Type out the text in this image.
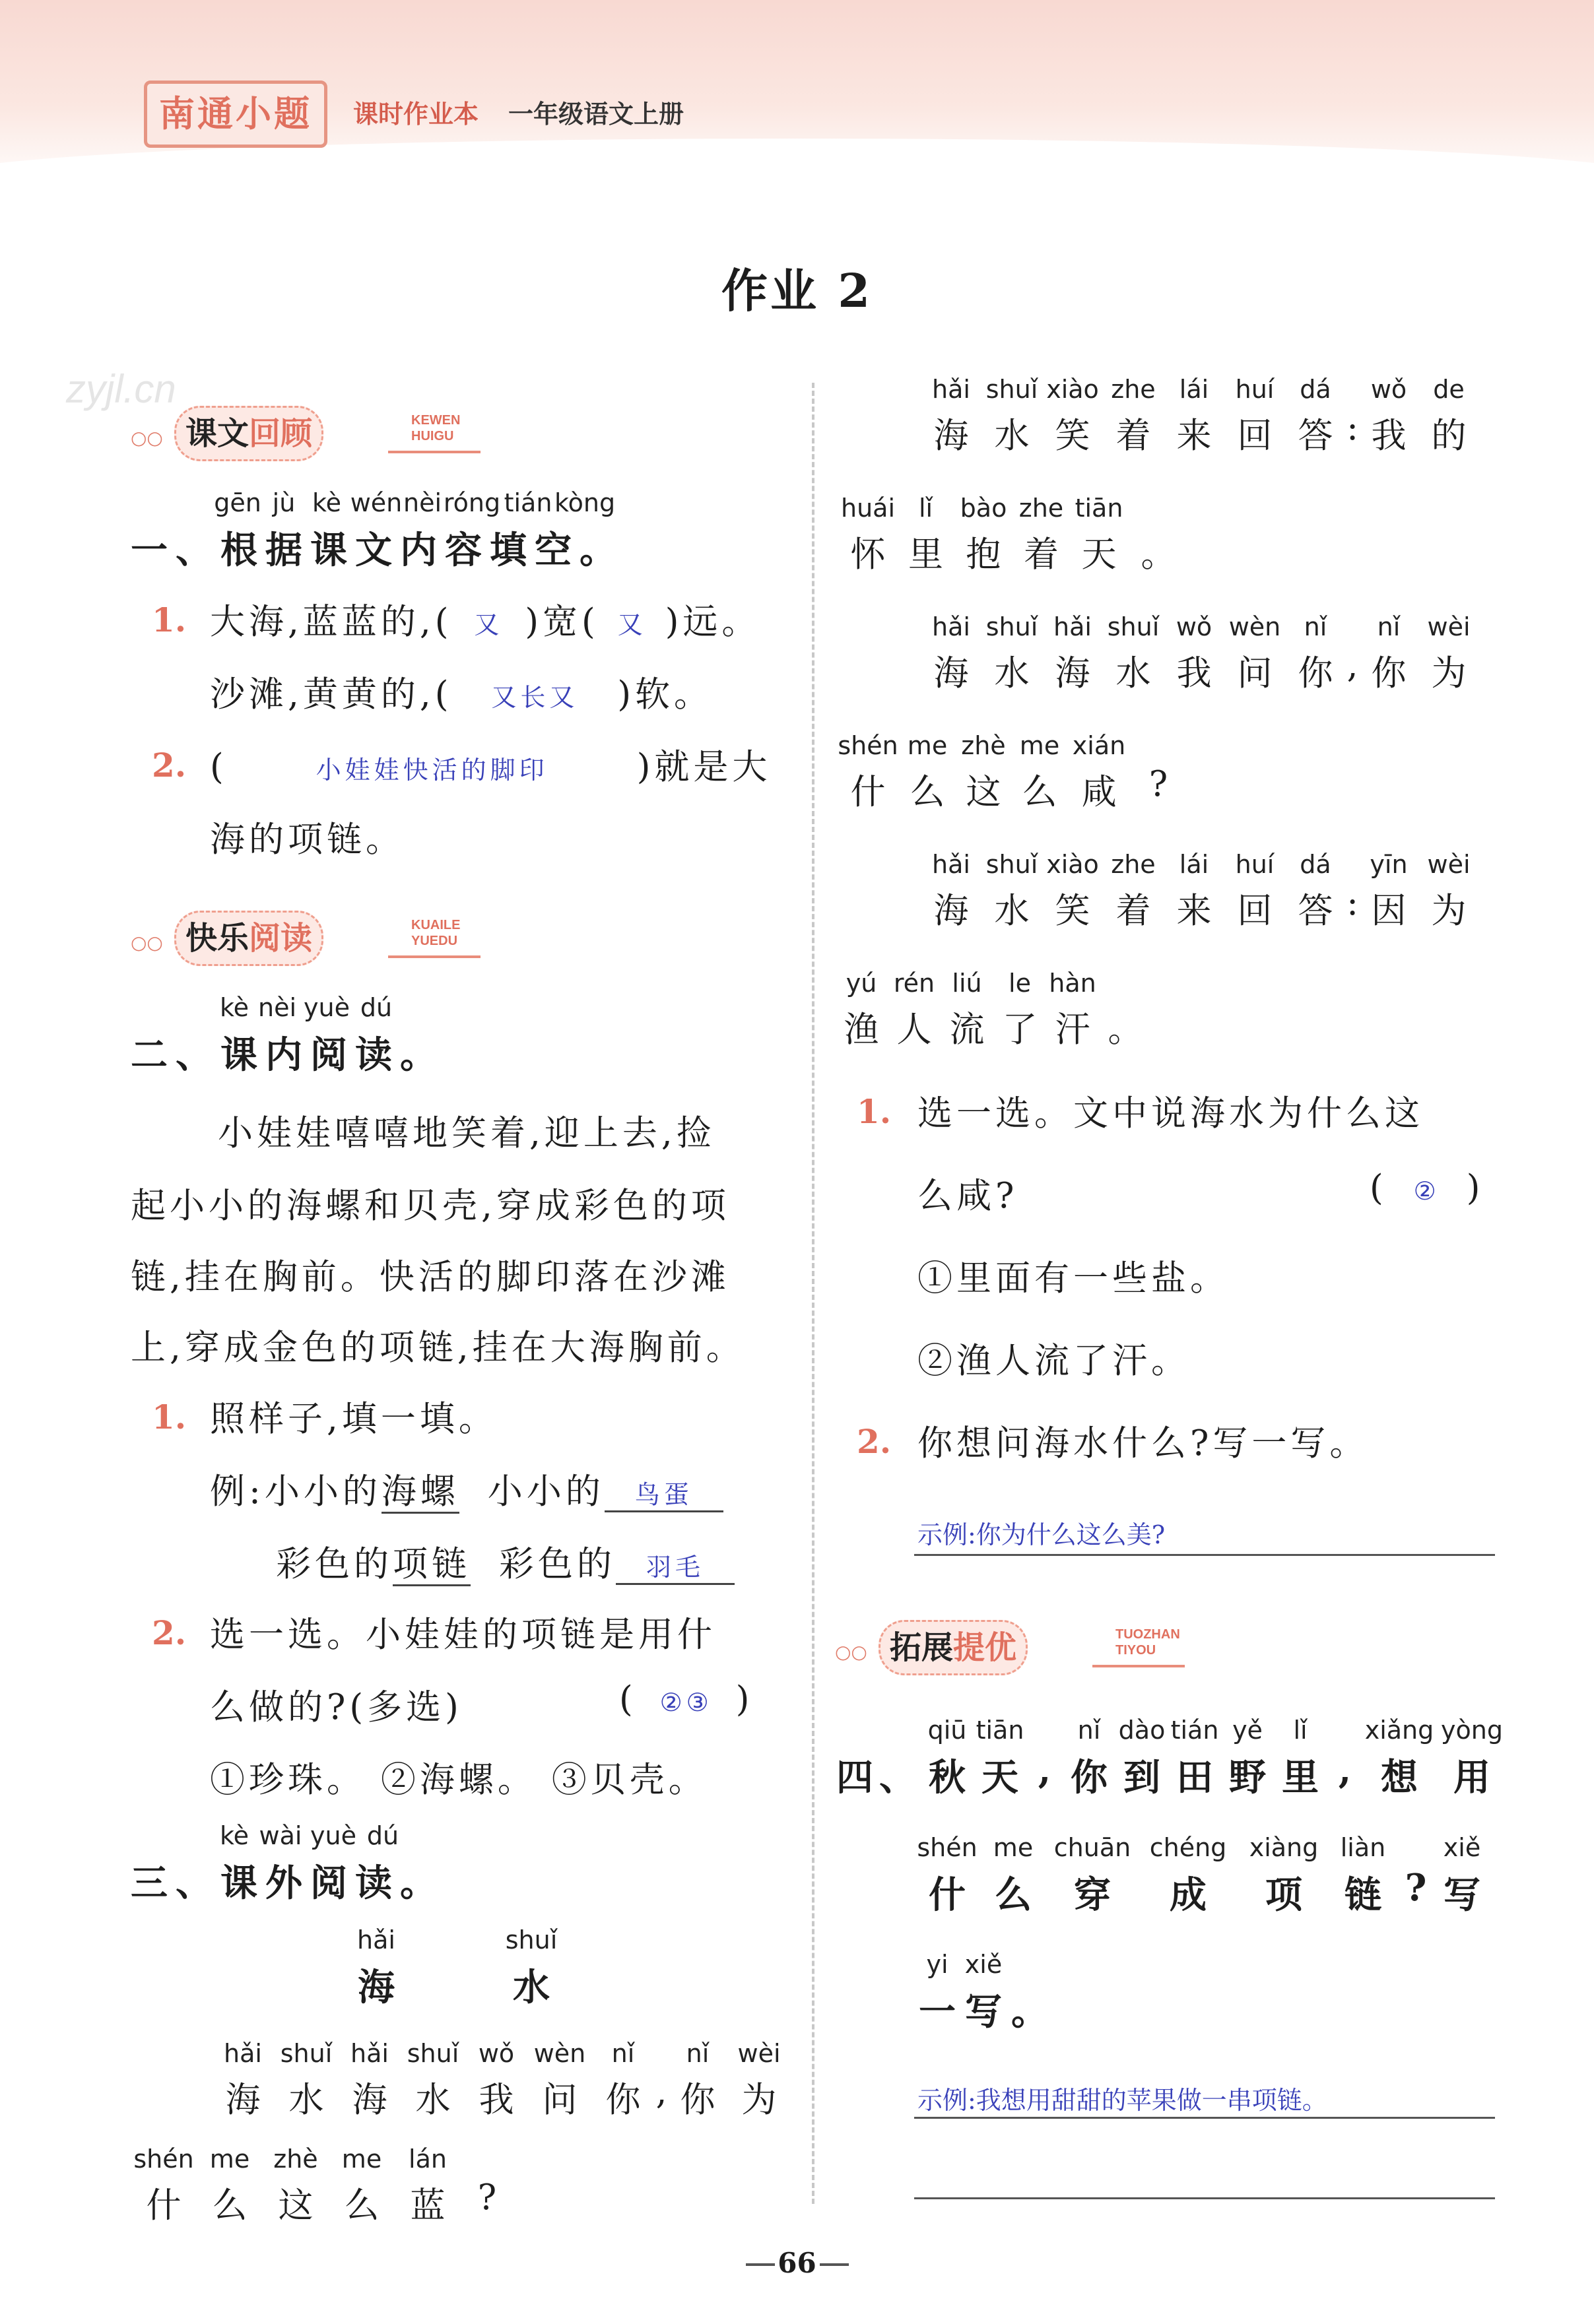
南通小题	课时作业本 一年级语文上册
作业 2
zyjl.cn
○○ 课文回顾	KEWEN
HUIGU
gēn jù kè wén nèi róng tián kòng
一 、 根 据 课 文 内 容 填 空 。
1. 大海,蓝蓝的,( 又 )宽( 又 )远。
沙滩,黄黄的,( 又长又 )软。
2. (	小娃娃快活的脚印	)就是大
海的项链。
○○ 快乐阅读	KUAILE
YUEDU
kè nèi yuè dú
二 、 课 内 阅 读 。
小娃娃嘻嘻地笑着,迎上去,捡
起小小的海螺和贝壳,穿成彩色的项
链,挂在胸前。快活的脚印落在沙滩
上,穿成金色的项链,挂在大海胸前。
1. 照样子,填一填。
例:小小的海螺 小小的 鸟蛋
彩色的项链 彩色的 羽毛
2. 选一选。小娃娃的项链是用什
么做的?(多选)	( ②③ )
①珍珠。 ②海螺。 ③贝壳。
kè wài yuè dú
三 、 课 外 阅 读 。
hǎi	shuǐ
海	水
hǎi shuǐ hǎi shuǐ wǒ wèn	nǐ	nǐ	wèi
海 水 海 水 我 问 你 , 你 为
shén me zhè me	lán
什 么 这 么 蓝 ?
hǎi shuǐ xiào zhe lái	huí	dá	wǒ	de
海 水 笑 着 来 回 答 : 我 的
huái lǐ	bào zhe tiān
怀 里 抱 着 天 。
hǎi shuǐ hǎi shuǐ wǒ wèn nǐ	nǐ	wèi
海 水 海 水 我 问 你 , 你 为
shén me zhè me xián
什 么 这 么 咸 ?
hǎi shuǐ xiào zhe lái	huí	dá	yīn wèi
海 水 笑 着 来 回 答 : 因 为
yú rén liú	le hàn
渔 人 流 了 汗 。
1. 选一选。文中说海水为什么这
么咸?	( ② )
①里面有一些盐。
②渔人流了汗。
2. 你想问海水什么?写一写。
示例:你为什么这么美?
○○ 拓展提优	TUOZHAN
TIYOU
qiū tiān	nǐ dào tián yě	lǐ	xiǎng yòng
四 、 秋 天 , 你 到 田 野 里 , 想 用
shén me chuān chéng xiàng liàn	xiě
什 么	穿	成	项	链 ? 写
yi xiě
一 写 。
示例:我想用甜甜的苹果做一串项链。
66
